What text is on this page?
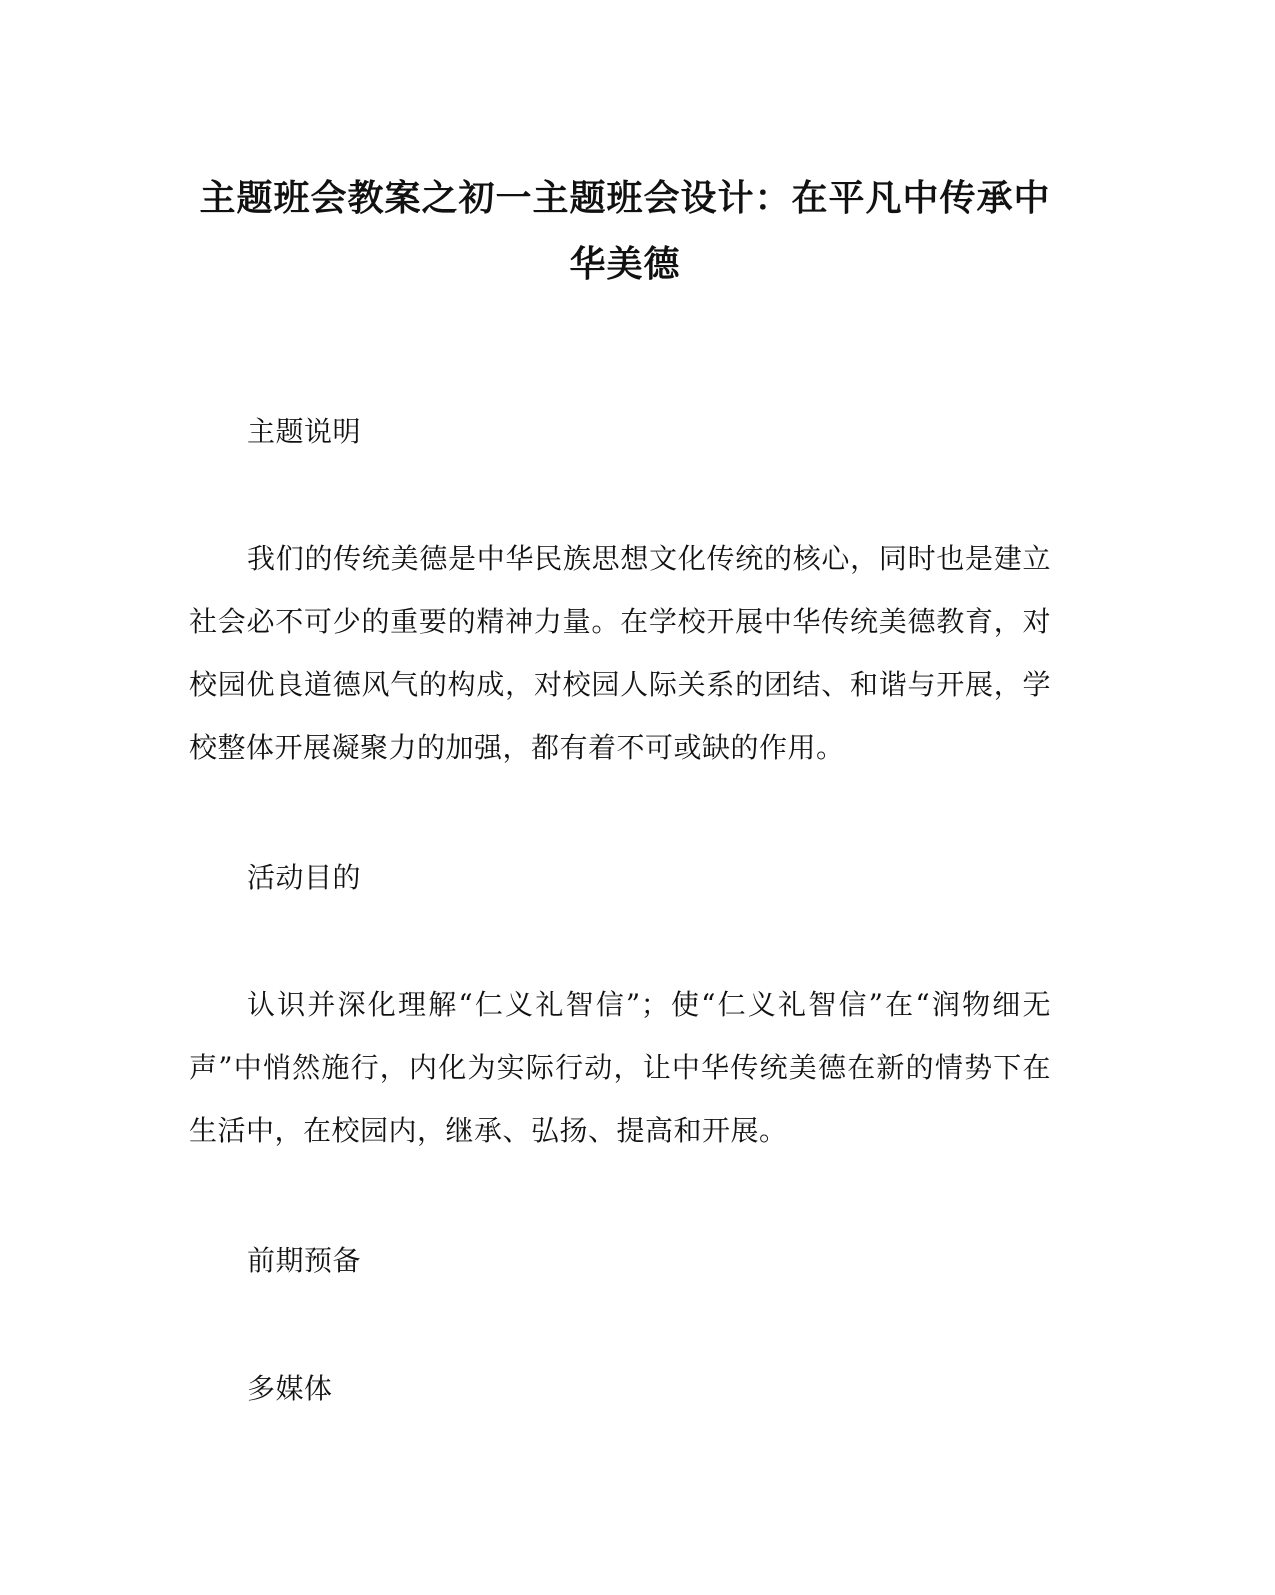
主题班会教案之初一主题班会设计：在平凡中传承中华美德

主题说明

我们的传统美德是中华民族思想文化传统的核心，同时也是建立社会必不可少的重要的精神力量。在学校开展中华传统美德教育，对校园优良道德风气的构成，对校园人际关系的团结、和谐与开展，学校整体开展凝聚力的加强，都有着不可或缺的作用。

活动目的

认识并深化理解“仁义礼智信”；使“仁义礼智信”在“润物细无声”中悄然施行，内化为实际行动，让中华传统美德在新的情势下在生活中，在校园内，继承、弘扬、提高和开展。

前期预备

多媒体
